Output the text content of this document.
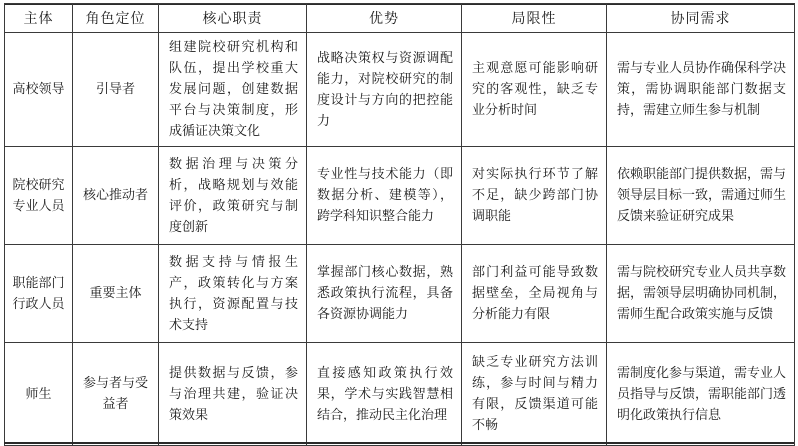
主体	角色定位	核心职责	优势	局限性	协同需求
高校领导	引导者	组建院校研究机构和队伍，提出学校重大发展问题，创建数据平台与决策制度，形成循证决策文化	战略决策权与资源调配能力，对院校研究的制度设计与方向的把控能力	主观意愿可能影响研究的客观性，缺乏专业分析时间	需与专业人员协作确保科学决策，需协调职能部门数据支持，需建立师生参与机制
院校研究专业人员	核心推动者	数据治理与决策分析，战略规划与效能评价，政策研究与制度创新	专业性与技术能力（即数据分析、建模等），跨学科知识整合能力	对实际执行环节了解不足，缺少跨部门协调职能	依赖职能部门提供数据，需与领导层目标一致，需通过师生反馈来验证研究成果
职能部门行政人员	重要主体	数据支持与情报生产，政策转化与方案执行，资源配置与技术支持	掌握部门核心数据，熟悉政策执行流程，具备各资源协调能力	部门利益可能导致数据壁垒，全局视角与分析能力有限	需与院校研究专业人员共享数据，需领导层明确协同机制，需师生配合政策实施与反馈
师生	参与者与受益者	提供数据与反馈，参与治理共建，验证决策效果	直接感知政策执行效果，学术与实践智慧相结合，推动民主化治理	缺乏专业研究方法训练，参与时间与精力有限，反馈渠道可能不畅	需制度化参与渠道，需专业人员指导与反馈，需职能部门透明化政策执行信息
